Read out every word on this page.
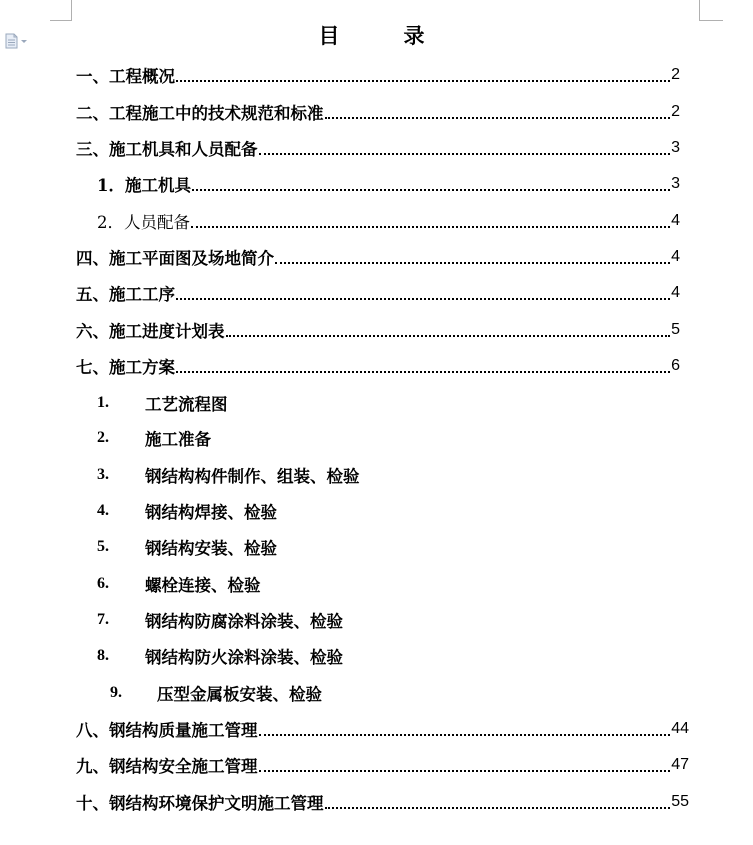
目录
一、工程概况	2
二、工程施工中的技术规范和标准	2
三、施工机具和人员配备	3
1．施工机具	3
2．人员配备	4
四、施工平面图及场地简介	4
五、施工工序	4
六、施工进度计划表	5
七、施工方案	6
1. 工艺流程图
2. 施工准备
3. 钢结构构件制作、组装、检验
4. 钢结构焊接、检验
5. 钢结构安装、检验
6. 螺栓连接、检验
7. 钢结构防腐涂料涂装、检验
8. 钢结构防火涂料涂装、检验
9. 压型金属板安装、检验
八、钢结构质量施工管理	44
九、钢结构安全施工管理	47
十、钢结构环境保护文明施工管理	55
